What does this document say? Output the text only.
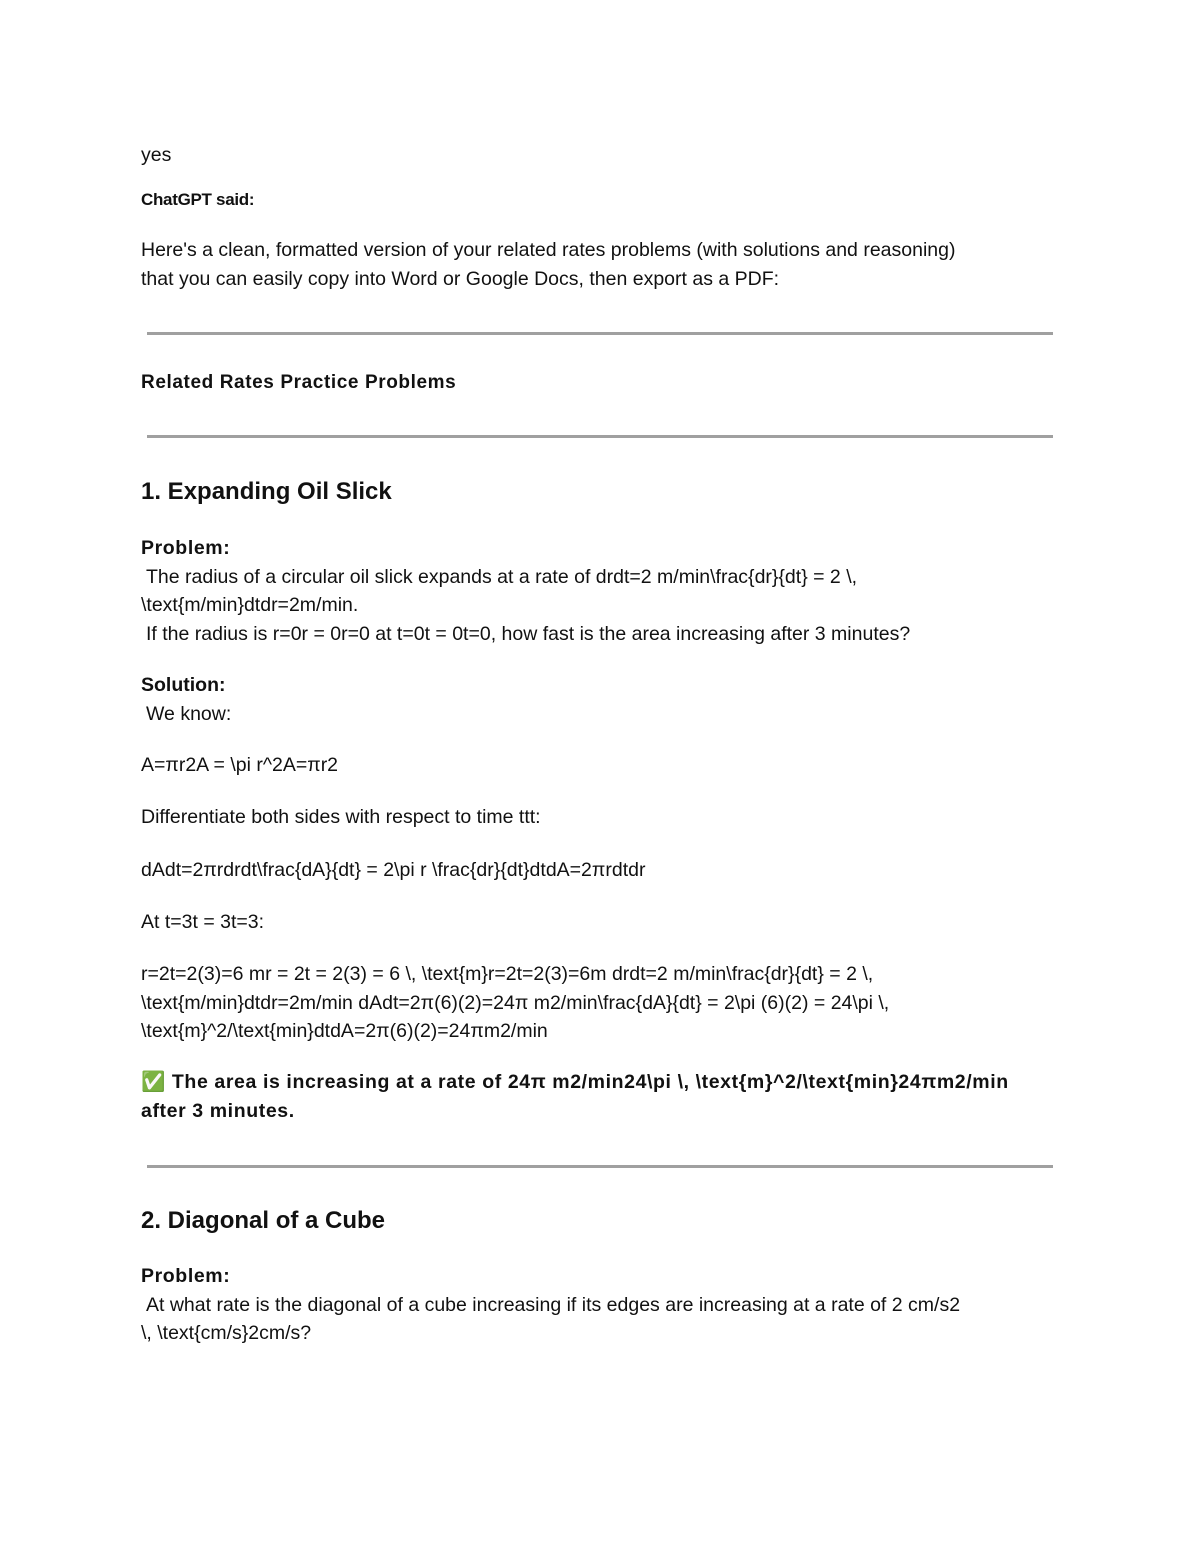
yes

ChatGPT said:

Here's a clean, formatted version of your related rates problems (with solutions and reasoning)

that you can easily copy into Word or Google Docs, then export as a PDF:

Related Rates Practice Problems

1. Expanding Oil Slick

Problem:

The radius of a circular oil slick expands at a rate of drdt=2 m/min\frac{dr}{dt} = 2 \,

\text{m/min}dtdr=2m/min.

If the radius is r=0r = 0r=0 at t=0t = 0t=0, how fast is the area increasing after 3 minutes?

Solution:

We know:

A=πr2A = \pi r^2A=πr2

Differentiate both sides with respect to time ttt:

dAdt=2πrdrdt\frac{dA}{dt} = 2\pi r \frac{dr}{dt}dtdA=2πrdtdr

At t=3t = 3t=3:

r=2t=2(3)=6 mr = 2t = 2(3) = 6 \, \text{m}r=2t=2(3)=6m drdt=2 m/min\frac{dr}{dt} = 2 \,

\text{m/min}dtdr=2m/min dAdt=2π(6)(2)=24π m2/min\frac{dA}{dt} = 2\pi (6)(2) = 24\pi \,

\text{m}^2/\text{min}dtdA=2π(6)(2)=24πm2/min

✅ The area is increasing at a rate of 24π m2/min24\pi \, \text{m}^2/\text{min}24πm2/min

after 3 minutes.

2. Diagonal of a Cube

Problem:

At what rate is the diagonal of a cube increasing if its edges are increasing at a rate of 2 cm/s2

\, \text{cm/s}2cm/s?
